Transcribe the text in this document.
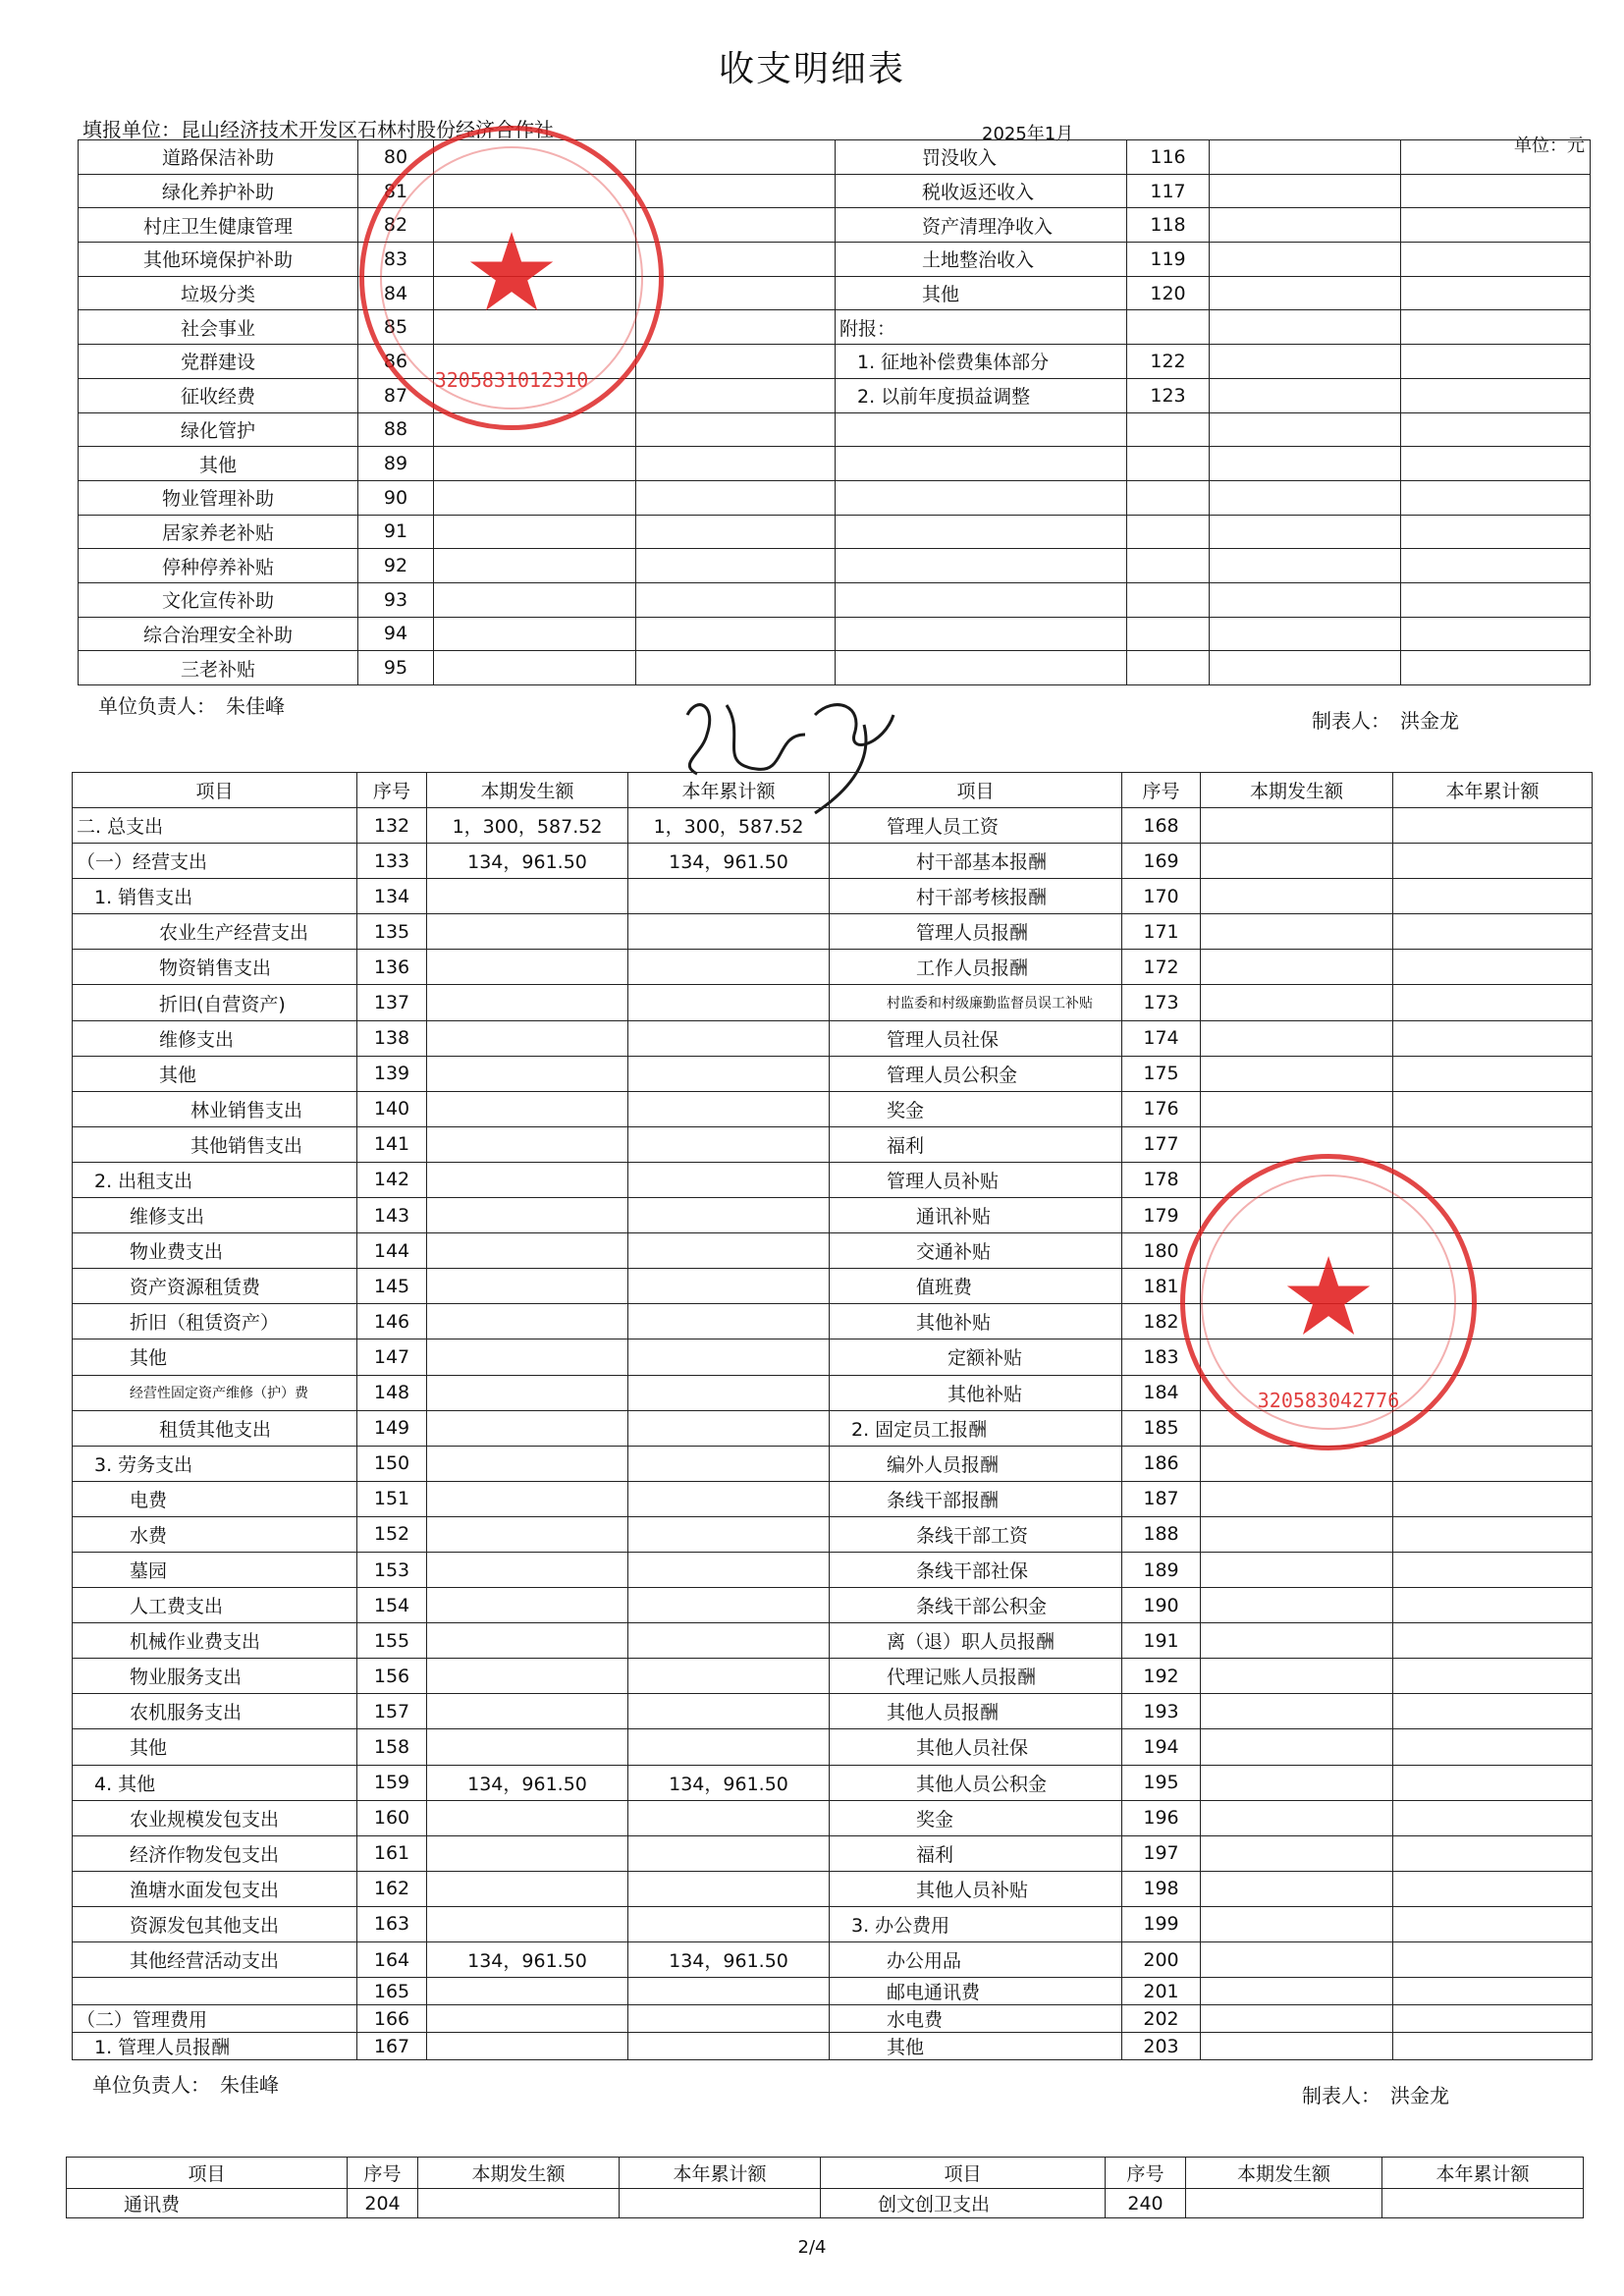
收支明细表
填报单位：昆山经济技术开发区石林村股份经济合作社	2025年1月
单位：元
道路保洁补助	80			罚没收入	116		
绿化养护补助	81			税收返还收入	117		
村庄卫生健康管理	82			资产清理净收入	118		
其他环境保护补助	83			土地整治收入	119		
垃圾分类	84			其他	120		
社会事业	85			附报：			
党群建设	86			1. 征地补偿费集体部分	122		
征收经费	87			2. 以前年度损益调整	123		
绿化管护	88						
其他	89						
物业管理补助	90						
居家养老补贴	91						
停种停养补贴	92						
文化宣传补助	93						
综合治理安全补助	94						
三老补贴	95						
单位负责人：　朱佳峰
制表人：　洪金龙
项目	序号	本期发生额	本年累计额	项目	序号	本期发生额	本年累计额
二. 总支出	132	1，300，587.52	1，300，587.52	管理人员工资	168		
（一）经营支出	133	134，961.50	134，961.50	村干部基本报酬	169		
1. 销售支出	134			村干部考核报酬	170		
农业生产经营支出	135			管理人员报酬	171		
物资销售支出	136			工作人员报酬	172		
折旧(自营资产)	137			村监委和村级廉勤监督员误工补贴	173		
维修支出	138			管理人员社保	174		
其他	139			管理人员公积金	175		
林业销售支出	140			奖金	176		
其他销售支出	141			福利	177		
2. 出租支出	142			管理人员补贴	178		
维修支出	143			通讯补贴	179		
物业费支出	144			交通补贴	180		
资产资源租赁费	145			值班费	181		
折旧（租赁资产）	146			其他补贴	182		
其他	147			定额补贴	183		
经营性固定资产维修（护）费	148			其他补贴	184		
租赁其他支出	149			2. 固定员工报酬	185		
3. 劳务支出	150			编外人员报酬	186		
电费	151			条线干部报酬	187		
水费	152			条线干部工资	188		
墓园	153			条线干部社保	189		
人工费支出	154			条线干部公积金	190		
机械作业费支出	155			离（退）职人员报酬	191		
物业服务支出	156			代理记账人员报酬	192		
农机服务支出	157			其他人员报酬	193		
其他	158			其他人员社保	194		
4. 其他	159	134，961.50	134，961.50	其他人员公积金	195		
农业规模发包支出	160			奖金	196		
经济作物发包支出	161			福利	197		
渔塘水面发包支出	162			其他人员补贴	198		
资源发包其他支出	163			3. 办公费用	199		
其他经营活动支出	164	134，961.50	134，961.50	办公用品	200		
	165			邮电通讯费	201		
（二）管理费用	166			水电费	202		
1. 管理人员报酬	167			其他	203		
单位负责人：　朱佳峰	制表人：　洪金龙
项目	序号	本期发生额	本年累计额	项目	序号	本期发生额	本年累计额
通讯费	204			创文创卫支出	240		
★
3205831012310
★
320583042776
2/4
